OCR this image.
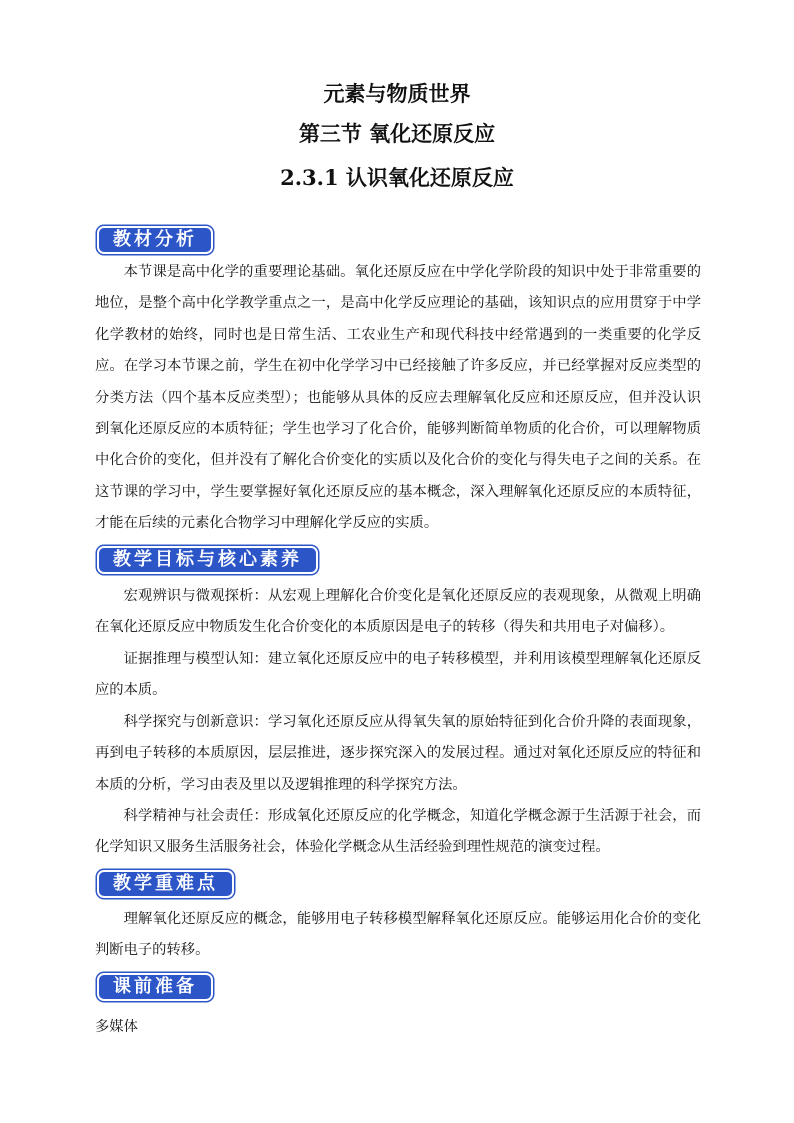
元素与物质世界
第三节 氧化还原反应
2.3.1 认识氧化还原反应
教材分析

本节课是高中化学的重要理论基础。氧化还原反应在中学化学阶段的知识中处于非常重要的地位，是整个高中化学教学重点之一，是高中化学反应理论的基础，该知识点的应用贯穿于中学化学教材的始终，同时也是日常生活、工农业生产和现代科技中经常遇到的一类重要的化学反应。在学习本节课之前，学生在初中化学学习中已经接触了许多反应，并已经掌握对反应类型的分类方法（四个基本反应类型）；也能够从具体的反应去理解氧化反应和还原反应，但并没认识到氧化还原反应的本质特征；学生也学习了化合价，能够判断简单物质的化合价，可以理解物质中化合价的变化，但并没有了解化合价变化的实质以及化合价的变化与得失电子之间的关系。在这节课的学习中，学生要掌握好氧化还原反应的基本概念，深入理解氧化还原反应的本质特征，才能在后续的元素化合物学习中理解化学反应的实质。

教学目标与核心素养

宏观辨识与微观探析：从宏观上理解化合价变化是氧化还原反应的表观现象，从微观上明确在氧化还原反应中物质发生化合价变化的本质原因是电子的转移（得失和共用电子对偏移）。

证据推理与模型认知：建立氧化还原反应中的电子转移模型，并利用该模型理解氧化还原反应的本质。

科学探究与创新意识：学习氧化还原反应从得氧失氧的原始特征到化合价升降的表面现象，再到电子转移的本质原因，层层推进，逐步探究深入的发展过程。通过对氧化还原反应的特征和本质的分析，学习由表及里以及逻辑推理的科学探究方法。

科学精神与社会责任：形成氧化还原反应的化学概念，知道化学概念源于生活源于社会，而化学知识又服务生活服务社会，体验化学概念从生活经验到理性规范的演变过程。

教学重难点

理解氧化还原反应的概念，能够用电子转移模型解释氧化还原反应。能够运用化合价的变化判断电子的转移。

课前准备

多媒体
